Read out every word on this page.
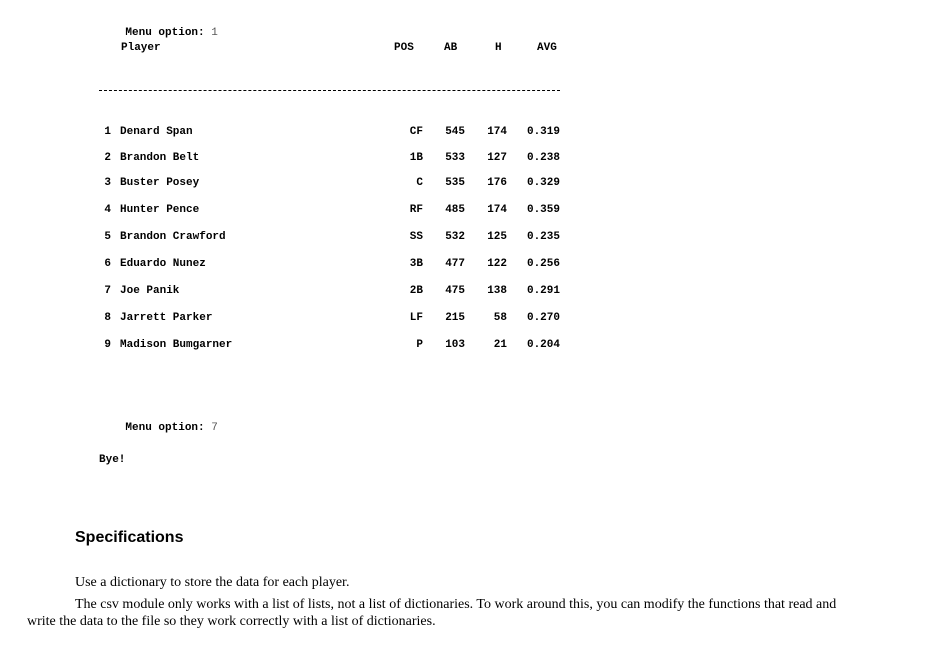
Menu option: 1

Player	POS	AB	H	AVG
1 Denard Span	CF	545	174	0.319
2 Brandon Belt	1B	533	127	0.238
3 Buster Posey	C	535	176	0.329
4 Hunter Pence	RF	485	174	0.359
5 Brandon Crawford	SS	532	125	0.235
6 Eduardo Nunez	3B	477	122	0.256
7 Joe Panik	2B	475	138	0.291
8 Jarrett Parker	LF	215	58	0.270
9 Madison Bumgarner	P	103	21	0.204

Menu option: 7

Bye!
Specifications
Use a dictionary to store the data for each player.
The csv module only works with a list of lists, not a list of dictionaries. To work around this, you can modify the functions that read and
write the data to the file so they work correctly with a list of dictionaries.
